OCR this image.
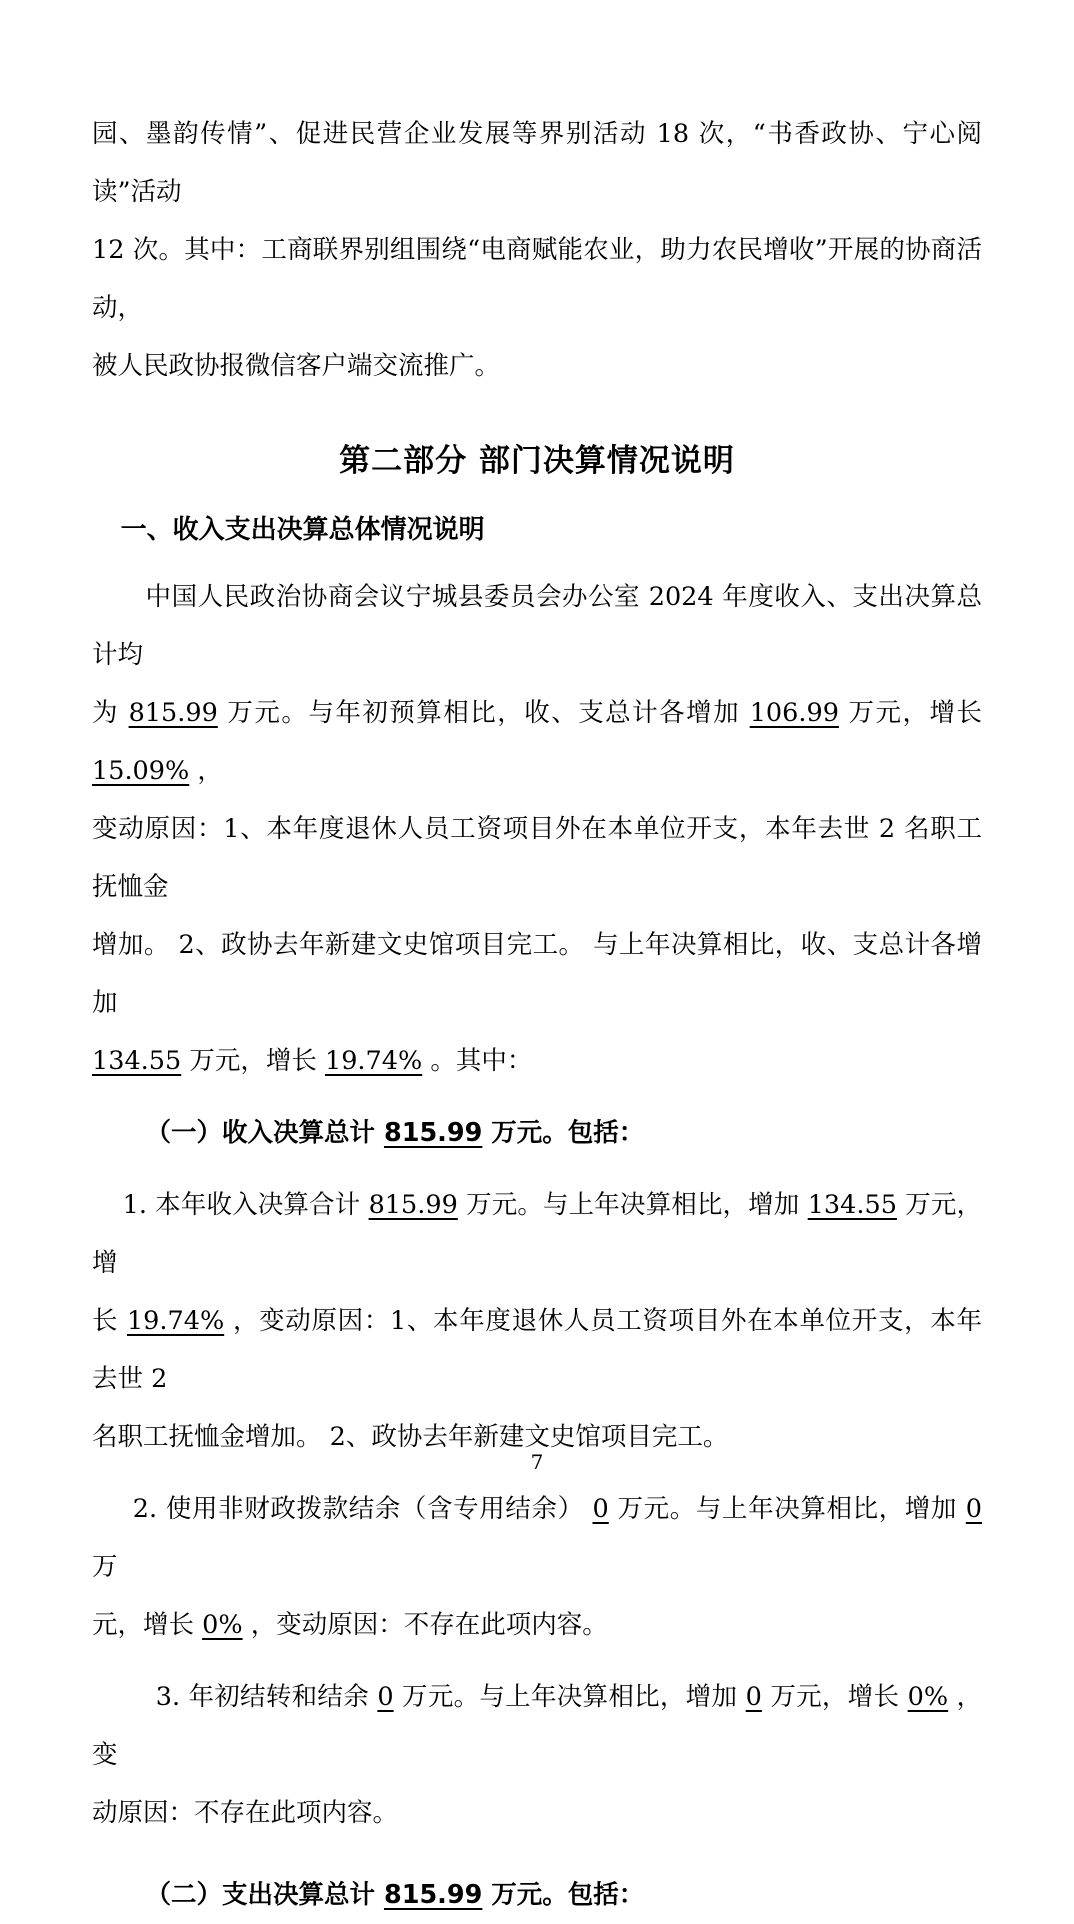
园、墨韵传情”、促进民营企业发展等界别活动 18 次，“书香政协、宁心阅读”活动

12 次。其中：工商联界别组围绕“电商赋能农业，助力农民增收”开展的协商活动，

被人民政协报微信客户端交流推广。

第二部分 部门决算情况说明
一、收入支出决算总体情况说明

中国人民政治协商会议宁城县委员会办公室 2024 年度收入、支出决算总计均

为 815.99 万元。与年初预算相比，收、支总计各增加 106.99 万元，增长 15.09% ，

变动原因：1、本年度退休人员工资项目外在本单位开支，本年去世 2 名职工抚恤金

增加。 2、政协去年新建文史馆项目完工。 与上年决算相比，收、支总计各增加

134.55 万元，增长 19.74% 。其中：

（一）收入决算总计 815.99 万元。包括：

1. 本年收入决算合计 815.99 万元。与上年决算相比，增加 134.55 万元，增

长 19.74% ，变动原因：1、本年度退休人员工资项目外在本单位开支，本年去世 2

名职工抚恤金增加。 2、政协去年新建文史馆项目完工。

2. 使用非财政拨款结余（含专用结余） 0 万元。与上年决算相比，增加 0 万

元，增长 0% ，变动原因：不存在此项内容。

3. 年初结转和结余 0 万元。与上年决算相比，增加 0 万元，增长 0% ，变

动原因：不存在此项内容。

（二）支出决算总计 815.99 万元。包括：

7
